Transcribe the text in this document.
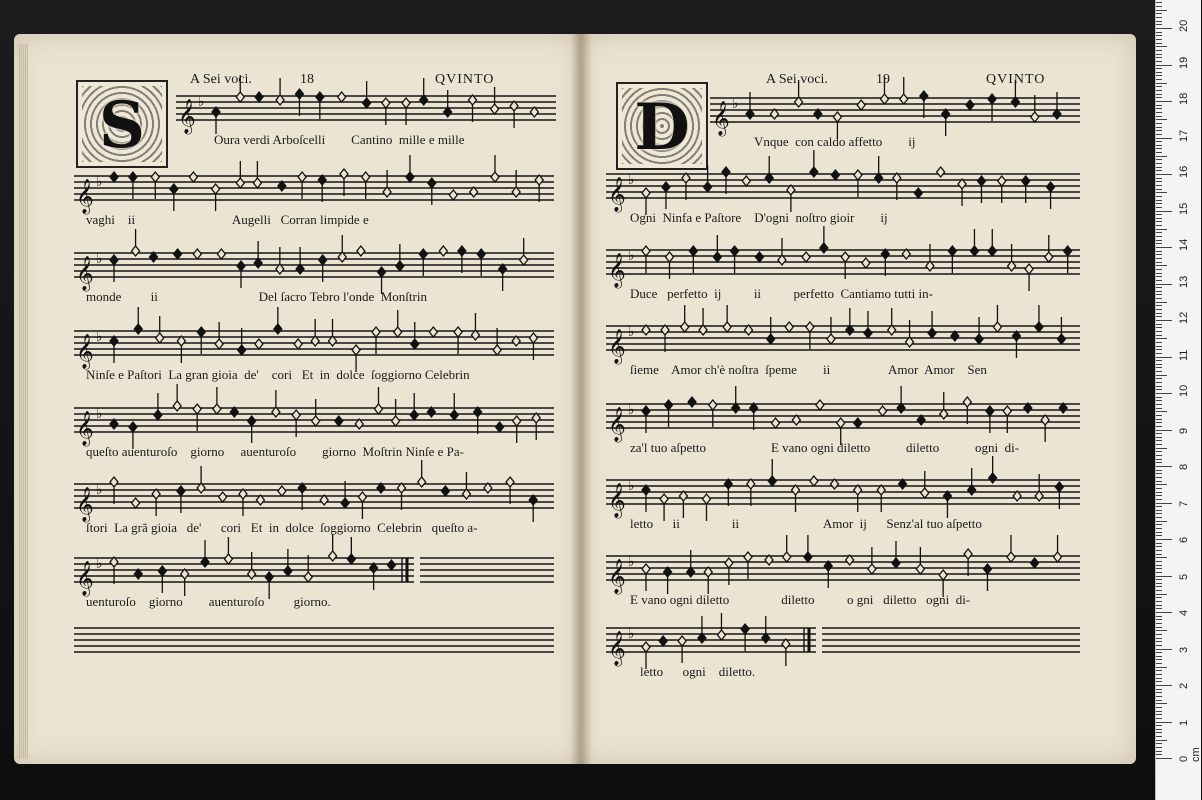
A Sei voci.	18	QVINTO
S	𝄞 ♭
Oura verdi Arboſcelli        Cantino  mille e mille
𝄞 ♭
vaghi    ii                              Augelli   Corran limpide e
𝄞 ♭
monde         ii                               Del ſacro Tebro l'onde  Monſtrin
𝄞 ♭
Ninſe e Paſtori  La gran gioia  de'    cori   Et  in  dolce  ſoggiorno Celebrin
𝄞 ♭
queſto auenturoſo    giorno     auenturoſo        giorno  Moſtrin Ninſe e Pa-
𝄞 ♭
ſtori  La grã gioia   de'      cori   Et  in  dolce  ſoggiorno  Celebrin   queſto a-
𝄞 ♭
uenturoſo    giorno        auenturoſo         giorno.
A Sei voci.	19	QVINTO
D 𝄞 ♭
Vnque  con caldo affetto        ij
𝄞 ♭
Ogni  Ninfa e Paſtore    D'ogni  noſtro gioir        ij
𝄞 ♭
Duce   perfetto  ij          ii          perfetto  Cantiamo tutti in-
𝄞 ♭
ſieme    Amor ch'è noſtra  ſpeme        ii                  Amor  Amor    Sen
𝄞 ♭
za'l tuo aſpetto                    E vano ogni diletto           diletto           ogni  di-
𝄞 ♭
letto      ii                ii                          Amor  ij      Senz'al tuo aſpetto
𝄞 ♭
E vano ogni diletto                diletto          o gni   diletto   ogni  di-
𝄞 ♭
letto      ogni    diletto.
0 cm
1
2
3
4
5
6
7
8
9
10
11
12
13
14
15
16
17
18
19
20
